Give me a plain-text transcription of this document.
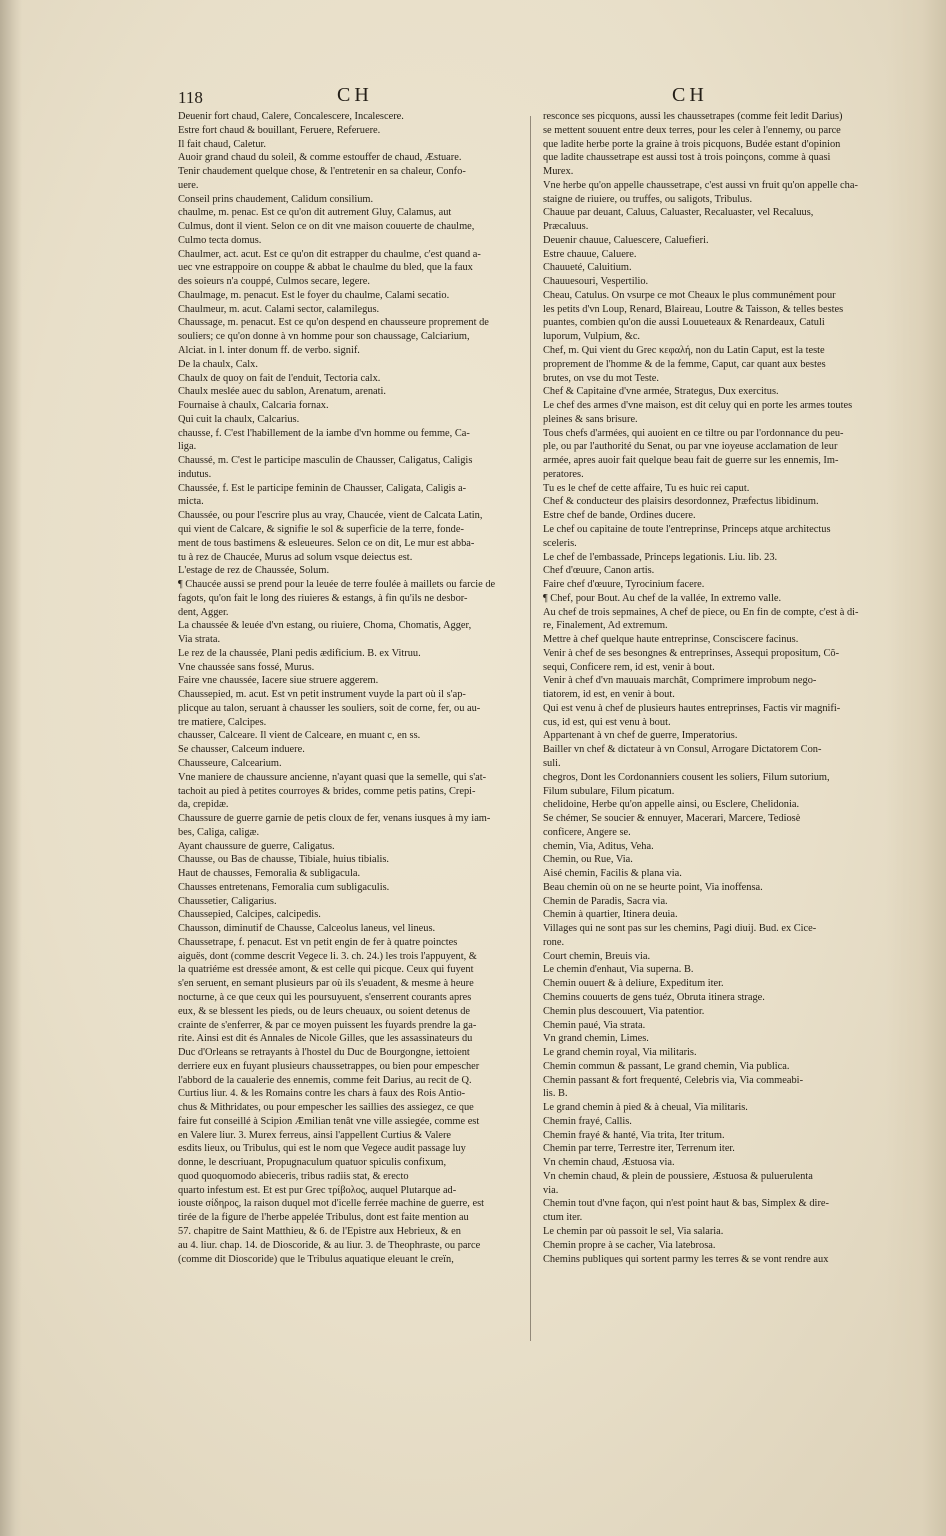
118	CH	CH
Deuenir fort chaud, Calere, Concalescere, Incalescere.
Estre fort chaud & bouillant, Feruere, Referuere.
Il fait chaud, Caletur.
Auoir grand chaud du soleil, & comme estouffer de chaud, Æstuare.
Tenir chaudement quelque chose, & l'entretenir en sa chaleur, Confo-
uere.
Conseil prins chaudement, Calidum consilium.
chaulme, m. penac. Est ce qu'on dit autrement Gluy, Calamus, aut
Culmus, dont il vient. Selon ce on dit vne maison couuerte de chaulme,
Culmo tecta domus.
Chaulmer, act. acut. Est ce qu'on dit estrapper du chaulme, c'est quand a-
uec vne estrappoire on couppe & abbat le chaulme du bled, que la faux
des soieurs n'a couppé, Culmos secare, legere.
Chaulmage, m. penacut. Est le foyer du chaulme, Calami secatio.
Chaulmeur, m. acut. Calami sector, calamilegus.
Chaussage, m. penacut. Est ce qu'on despend en chausseure proprement de
souliers; ce qu'on donne à vn homme pour son chaussage, Calciarium,
Alciat. in l. inter donum ff. de verbo. signif.
De la chaulx, Calx.
Chaulx de quoy on fait de l'enduit, Tectoria calx.
Chaulx meslée auec du sablon, Arenatum, arenati.
Fournaise à chaulx, Calcaria fornax.
Qui cuit la chaulx, Calcarius.
chausse, f. C'est l'habillement de la iambe d'vn homme ou femme, Ca-
liga.
Chaussé, m. C'est le participe masculin de Chausser, Caligatus, Caligis
indutus.
Chaussée, f. Est le participe feminin de Chausser, Caligata, Caligis a-
micta.
Chaussée, ou pour l'escrire plus au vray, Chaucée, vient de Calcata Latin,
qui vient de Calcare, & signifie le sol & superficie de la terre, fonde-
ment de tous bastimens & esleueures. Selon ce on dit, Le mur est abba-
tu à rez de Chaucée, Murus ad solum vsque deiectus est.
L'estage de rez de Chaussée, Solum.
¶ Chaucée aussi se prend pour la leuée de terre foulée à maillets ou farcie de
fagots, qu'on fait le long des riuieres & estangs, à fin qu'ils ne desbor-
dent, Agger.
La chaussée & leuée d'vn estang, ou riuiere, Choma, Chomatis, Agger,
Via strata.
Le rez de la chaussée, Plani pedis ædificium. B. ex Vitruu.
Vne chaussée sans fossé, Murus.
Faire vne chaussée, Iacere siue struere aggerem.
Chaussepied, m. acut. Est vn petit instrument vuyde la part où il s'ap-
plicque au talon, seruant à chausser les souliers, soit de corne, fer, ou au-
tre matiere, Calcipes.
chausser, Calceare. Il vient de Calceare, en muant c, en ss.
Se chausser, Calceum induere.
Chausseure, Calcearium.
Vne maniere de chaussure ancienne, n'ayant quasi que la semelle, qui s'at-
tachoit au pied à petites courroyes & brides, comme petis patins, Crepi-
da, crepidæ.
Chaussure de guerre garnie de petis cloux de fer, venans iusques à my iam-
bes, Caliga, caligæ.
Ayant chaussure de guerre, Caligatus.
Chausse, ou Bas de chausse, Tibiale, huius tibialis.
Haut de chausses, Femoralia & subligacula.
Chausses entretenans, Femoralia cum subligaculis.
Chaussetier, Caligarius.
Chaussepied, Calcipes, calcipedis.
Chausson, diminutif de Chausse, Calceolus laneus, vel lineus.
Chaussetrape, f. penacut. Est vn petit engin de fer à quatre poinctes
aiguës, dont (comme descrit Vegece li. 3. ch. 24.) les trois l'appuyent, &
la quatriéme est dressée amont, & est celle qui picque. Ceux qui fuyent
s'en seruent, en semant plusieurs par où ils s'euadent, & mesme à heure
nocturne, à ce que ceux qui les poursuyuent, s'enserrent courants apres
eux, & se blessent les pieds, ou de leurs cheuaux, ou soient detenus de
crainte de s'enferrer, & par ce moyen puissent les fuyards prendre la ga-
rite. Ainsi est dit és Annales de Nicole Gilles, que les assassinateurs du
Duc d'Orleans se retrayants à l'hostel du Duc de Bourgongne, iettoient
derriere eux en fuyant plusieurs chaussetrappes, ou bien pour empescher
l'abbord de la caualerie des ennemis, comme feit Darius, au recit de Q.
Curtius liur. 4. & les Romains contre les chars à faux des Rois Antio-
chus & Mithridates, ou pour empescher les saillies des assiegez, ce que
faire fut conseillé à Scipion Æmilian tenât vne ville assiegée, comme est
en Valere liur. 3. Murex ferreus, ainsi l'appellent Curtius & Valere
esdits lieux, ou Tribulus, qui est le nom que Vegece audit passage luy
donne, le descriuant, Propugnaculum quatuor spiculis confixum,
quod quoquomodo abieceris, tribus radiis stat, & erecto
quarto infestum est. Et est pur Grec τρίβολος, auquel Plutarque ad-
iouste σίδηρος, la raison duquel mot d'icelle ferrée machine de guerre, est
tirée de la figure de l'herbe appelée Tribulus, dont est faite mention au
57. chapitre de Saint Matthieu, & 6. de l'Epistre aux Hebrieux, & en
au 4. liur. chap. 14. de Dioscoride, & au liur. 3. de Theophraste, ou parce
(comme dit Dioscoride) que le Tribulus aquatique eleuant le creïn,
resconce ses picquons, aussi les chaussetrapes (comme feit ledit Darius)
se mettent souuent entre deux terres, pour les celer à l'ennemy, ou parce
que ladite herbe porte la graine à trois picquons, Budée estant d'opinion
que ladite chaussetrape est aussi tost à trois poinçons, comme à quasi
Murex.
Vne herbe qu'on appelle chaussetrape, c'est aussi vn fruit qu'on appelle cha-
staigne de riuiere, ou truffes, ou saligots, Tribulus.
Chauue par deuant, Caluus, Caluaster, Recaluaster, vel Recaluus,
Præcaluus.
Deuenir chauue, Caluescere, Caluefieri.
Estre chauue, Caluere.
Chauueté, Caluitium.
Chauuesouri, Vespertilio.
Cheau, Catulus. On vsurpe ce mot Cheaux le plus communément pour
les petits d'vn Loup, Renard, Blaireau, Loutre & Taisson, & telles bestes
puantes, combien qu'on die aussi Louueteaux & Renardeaux, Catuli
luporum, Vulpium, &c.
Chef, m. Qui vient du Grec κεφαλή, non du Latin Caput, est la teste
proprement de l'homme & de la femme, Caput, car quant aux bestes
brutes, on vse du mot Teste.
Chef & Capitaine d'vne armée, Strategus, Dux exercitus.
Le chef des armes d'vne maison, est dit celuy qui en porte les armes toutes
pleines & sans brisure.
Tous chefs d'armées, qui auoient en ce tiltre ou par l'ordonnance du peu-
ple, ou par l'authorité du Senat, ou par vne ioyeuse acclamation de leur
armée, apres auoir fait quelque beau fait de guerre sur les ennemis, Im-
peratores.
Tu es le chef de cette affaire, Tu es huic rei caput.
Chef & conducteur des plaisirs desordonnez, Præfectus libidinum.
Estre chef de bande, Ordines ducere.
Le chef ou capitaine de toute l'entreprinse, Princeps atque architectus
sceleris.
Le chef de l'embassade, Princeps legationis. Liu. lib. 23.
Chef d'œuure, Canon artis.
Faire chef d'œuure, Tyrocinium facere.
¶ Chef, pour Bout. Au chef de la vallée, In extremo valle.
Au chef de trois sepmaines, A chef de piece, ou En fin de compte, c'est à di-
re, Finalement, Ad extremum.
Mettre à chef quelque haute entreprinse, Consciscere facinus.
Venir à chef de ses besongnes & entreprinses, Assequi propositum, Cõ-
sequi, Conficere rem, id est, venir à bout.
Venir à chef d'vn mauuais marchât, Comprimere improbum nego-
tiatorem, id est, en venir à bout.
Qui est venu à chef de plusieurs hautes entreprinses, Factis vir magnifi-
cus, id est, qui est venu à bout.
Appartenant à vn chef de guerre, Imperatorius.
Bailler vn chef & dictateur à vn Consul, Arrogare Dictatorem Con-
suli.
chegros, Dont les Cordonanniers cousent les soliers, Filum sutorium,
Filum subulare, Filum picatum.
chelidoine, Herbe qu'on appelle ainsi, ou Esclere, Chelidonia.
Se chémer, Se soucier & ennuyer, Macerari, Marcere, Tediosè
conficere, Angere se.
chemin, Via, Aditus, Veha.
Chemin, ou Rue, Via.
Aisé chemin, Facilis & plana via.
Beau chemin où on ne se heurte point, Via inoffensa.
Chemin de Paradis, Sacra via.
Chemin à quartier, Itinera deuia.
Villages qui ne sont pas sur les chemins, Pagi diuij. Bud. ex Cice-
rone.
Court chemin, Breuis via.
Le chemin d'enhaut, Via superna. B.
Chemin ouuert & à deliure, Expeditum iter.
Chemins couuerts de gens tuéz, Obruta itinera strage.
Chemin plus descouuert, Via patentior.
Chemin paué, Via strata.
Vn grand chemin, Limes.
Le grand chemin royal, Via militaris.
Chemin commun & passant, Le grand chemin, Via publica.
Chemin passant & fort frequenté, Celebris via, Via commeabi-
lis. B.
Le grand chemin à pied & à cheual, Via militaris.
Chemin frayé, Callis.
Chemin frayé & hanté, Via trita, Iter tritum.
Chemin par terre, Terrestre iter, Terrenum iter.
Vn chemin chaud, Æstuosa via.
Vn chemin chaud, & plein de poussiere, Æstuosa & puluerulenta
via.
Chemin tout d'vne façon, qui n'est point haut & bas, Simplex & dire-
ctum iter.
Le chemin par où passoit le sel, Via salaria.
Chemin propre à se cacher, Via latebrosa.
Chemins publiques qui sortent parmy les terres & se vont rendre aux
